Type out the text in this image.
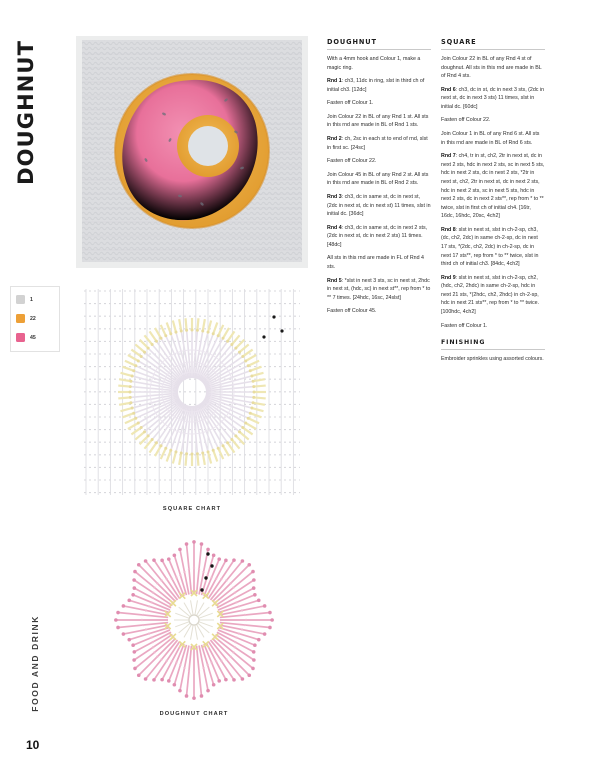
DOUGHNUT
1
22
45
SQUARE CHART
DOUGHNUT CHART
DOUGHNUT

With a 4mm hook and Colour 1, make a magic ring.

Rnd 1: ch3, 11dc in ring, slst in third ch of initial ch3. [12dc]

Fasten off Colour 1.

Join Colour 22 in BL of any Rnd 1 st. All sts in this rnd are made in BL of Rnd 1 sts.

Rnd 2: ch, 2sc in each st to end of rnd, slst in first sc. [24sc]

Fasten off Colour 22.

Join Colour 45 in BL of any Rnd 2 st. All sts in this rnd are made in BL of Rnd 2 sts.

Rnd 3: ch3, dc in same st, dc in next st, (2dc in next st, dc in next st) 11 times, slst in initial dc. [36dc]

Rnd 4: ch3, dc in same st, dc in next 2 sts, (2dc in next st, dc in next 2 sts) 11 times. [48dc]

All sts in this rnd are made in FL of Rnd 4 sts.

Rnd 5: *slst in next 3 sts, sc in next st, 2hdc in next st, (hdc, sc) in next st**, rep from * to ** 7 times. [24hdc, 16sc, 24slst]

Fasten off Colour 45.

SQUARE

Join Colour 22 in BL of any Rnd 4 st of doughnut. All sts in this rnd are made in BL of Rnd 4 sts.

Rnd 6: ch3, dc in st, dc in next 3 sts, (2dc in next st, dc in next 3 sts) 11 times, slst in initial dc. [60dc]

Fasten off Colour 22.

Join Colour 1 in BL of any Rnd 6 st. All sts in this rnd are made in BL of Rnd 6 sts.

Rnd 7: ch4, tr in st, ch2, 2tr in next st, dc in next 2 sts, hdc in next 2 sts, sc in next 5 sts, hdc in next 2 sts, dc in next 2 sts, *2tr in next st, ch2, 2tr in next st, dc in next 2 sts, hdc in next 2 sts, sc in next 5 sts, hdc in next 2 sts, dc in next 2 sts**, rep from * to ** twice, slst in first ch of initial ch4. [16tr, 16dc, 16hdc, 20sc, 4ch2]

Rnd 8: slst in next st, slst in ch-2-sp, ch3, (dc, ch2, 2dc) in same ch-2-sp, dc in next 17 sts, *(2dc, ch2, 2dc) in ch-2-sp, dc in next 17 sts**, rep from * to ** twice, slst in third ch of initial ch3. [84dc, 4ch2]

Rnd 9: slst in next st, slst in ch-2-sp, ch2, (hdc, ch2, 2hdc) in same ch-2-sp, hdc in next 21 sts, *(2hdc, ch2, 2hdc) in ch-2-sp, hdc in next 21 sts**, rep from * to ** twice. [100hdc, 4ch2]

Fasten off Colour 1.

FINISHING

Embroider sprinkles using assorted colours.

FOOD AND DRINK
10
